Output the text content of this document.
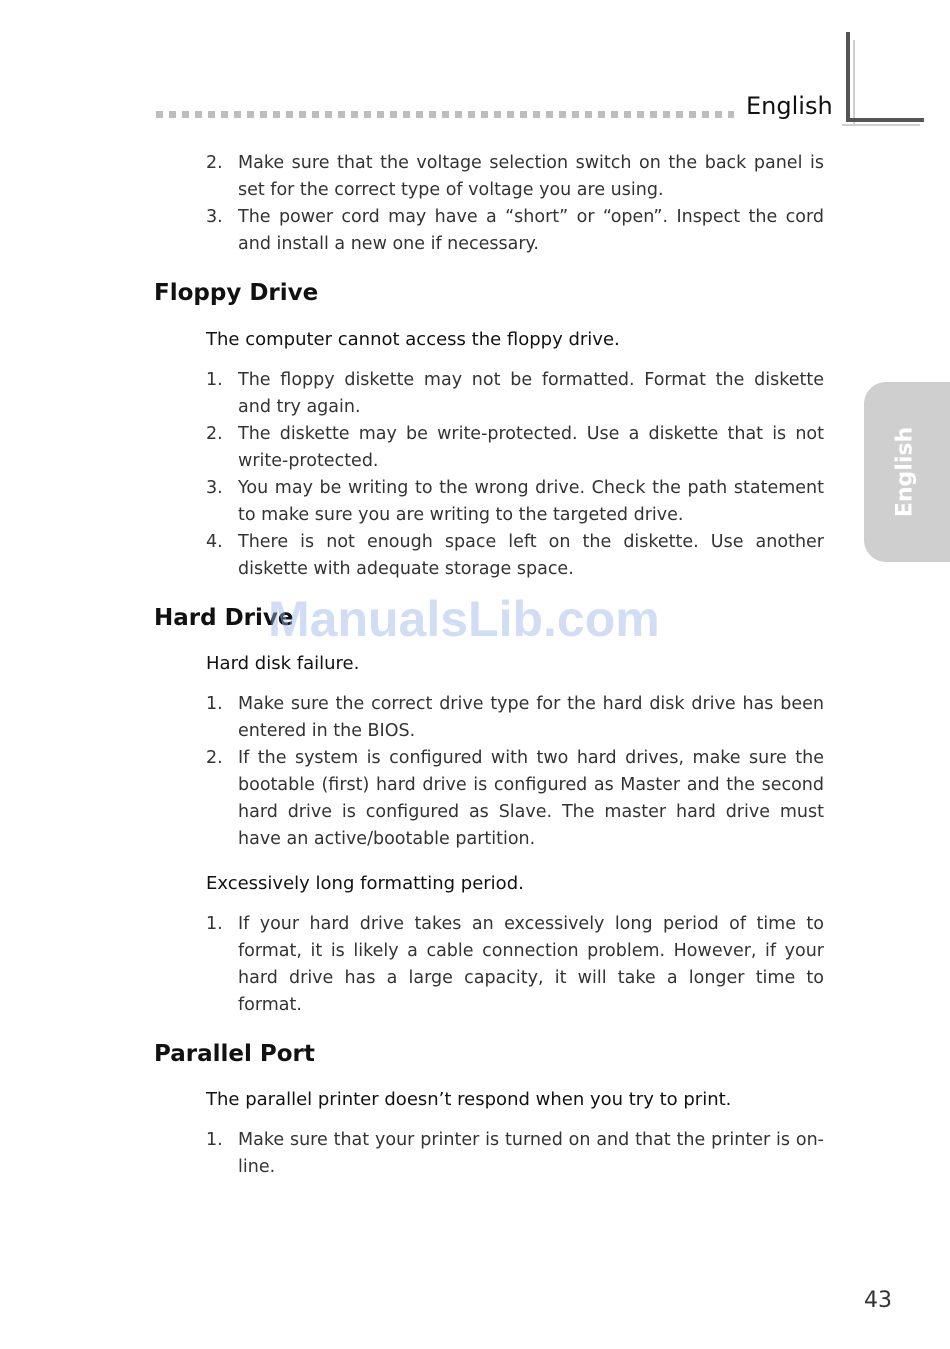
English
English
2. Make sure that the voltage selection switch on the back panel is set for the correct type of voltage you are using.
3. The power cord may have a “short” or “open”. Inspect the cord and install a new one if necessary.
Floppy Drive

The computer cannot access the floppy drive.

1. The floppy diskette may not be formatted. Format the diskette and try again.
2. The diskette may be write-protected. Use a diskette that is not write-protected.
3. You may be writing to the wrong drive. Check the path statement to make sure you are writing to the targeted drive.
4. There is not enough space left on the diskette. Use another diskette with adequate storage space.
Hard Drive

Hard disk failure.

1. Make sure the correct drive type for the hard disk drive has been entered in the BIOS.
2. If the system is configured with two hard drives, make sure the bootable (first) hard drive is configured as Master and the second hard drive is configured as Slave. The master hard drive must have an active/bootable partition.

Excessively long formatting period.

1. If your hard drive takes an excessively long period of time to format, it is likely a cable connection problem. However, if your hard drive has a large capacity, it will take a longer time to format.
Parallel Port

The parallel printer doesn’t respond when you try to print.

1. Make sure that your printer is turned on and that the printer is on-line.
ManualsLib.com
43
